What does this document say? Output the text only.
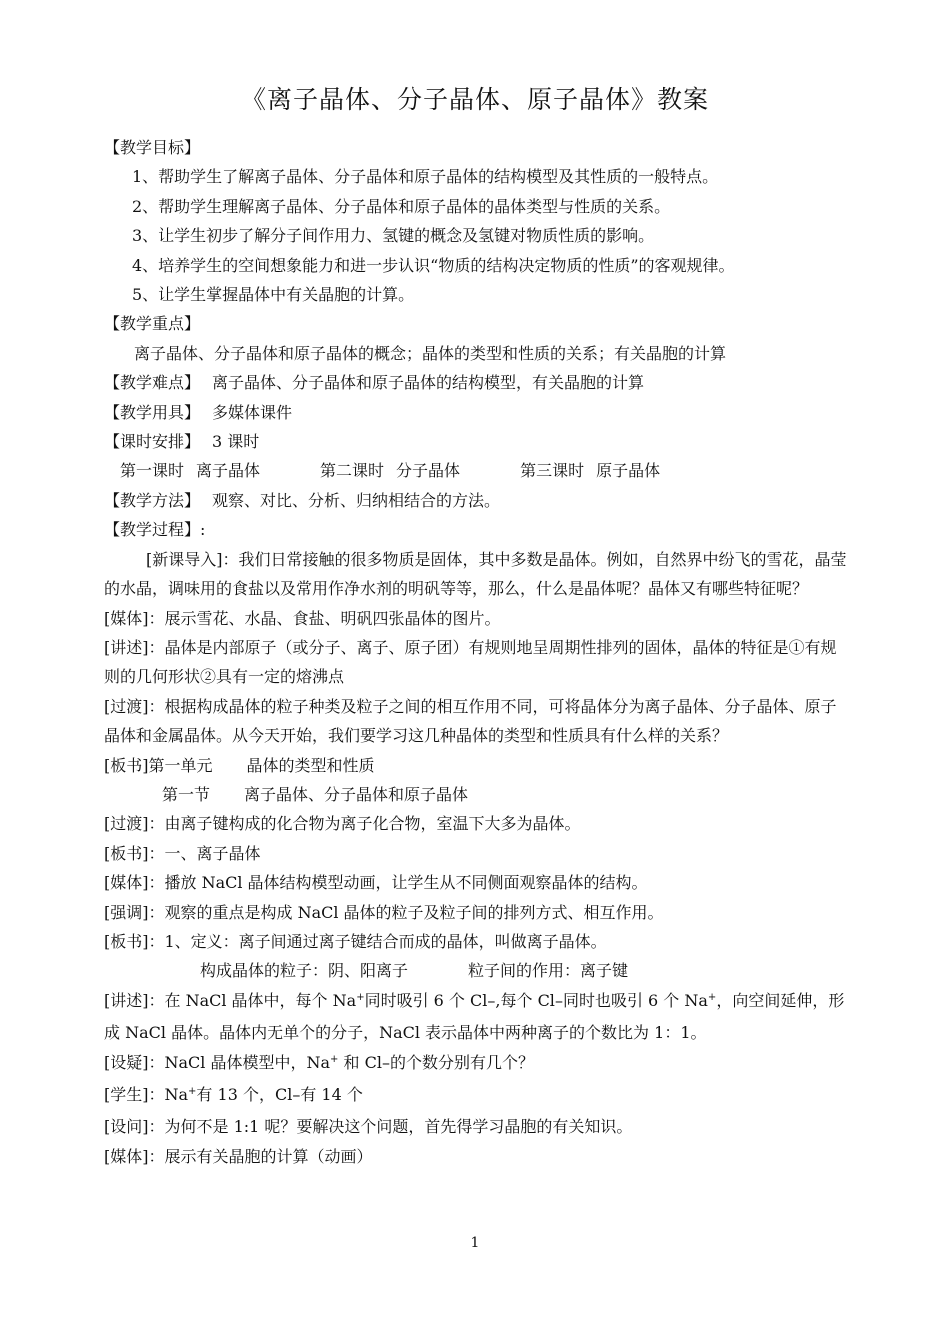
《离子晶体、分子晶体、原子晶体》教案

【教学目标】

1、帮助学生了解离子晶体、分子晶体和原子晶体的结构模型及其性质的一般特点。

2、帮助学生理解离子晶体、分子晶体和原子晶体的晶体类型与性质的关系。

3、让学生初步了解分子间作用力、氢键的概念及氢键对物质性质的影响。

4、培养学生的空间想象能力和进一步认识“物质的结构决定物质的性质”的客观规律。

5、让学生掌握晶体中有关晶胞的计算。

【教学重点】

离子晶体、分子晶体和原子晶体的概念；晶体的类型和性质的关系；有关晶胞的计算

【教学难点】 离子晶体、分子晶体和原子晶体的结构模型，有关晶胞的计算

【教学用具】 多媒体课件

【课时安排】 3 课时

第一课时 离子晶体	第二课时 分子晶体	第三课时 原子晶体

【教学方法】 观察、对比、分析、归纳相结合的方法。

【教学过程】:

[新课导入]：我们日常接触的很多物质是固体，其中多数是晶体。例如，自然界中纷飞的雪花，晶莹的水晶，调味用的食盐以及常用作净水剂的明矾等等，那么，什么是晶体呢？晶体又有哪些特征呢？

[媒体]：展示雪花、水晶、食盐、明矾四张晶体的图片。

[讲述]：晶体是内部原子（或分子、离子、原子团）有规则地呈周期性排列的固体，晶体的特征是①有规则的几何形状②具有一定的熔沸点

[过渡]：根据构成晶体的粒子种类及粒子之间的相互作用不同，可将晶体分为离子晶体、分子晶体、原子晶体和金属晶体。从今天开始，我们要学习这几种晶体的类型和性质具有什么样的关系？

[板书]第一单元 晶体的类型和性质

第一节 离子晶体、分子晶体和原子晶体

[过渡]：由离子键构成的化合物为离子化合物，室温下大多为晶体。

[板书]：一、离子晶体

[媒体]：播放 NaCl 晶体结构模型动画，让学生从不同侧面观察晶体的结构。

[强调]：观察的重点是构成 NaCl 晶体的粒子及粒子间的排列方式、相互作用。

[板书]：1、定义：离子间通过离子键结合而成的晶体，叫做离子晶体。

构成晶体的粒子：阴、阳离子	粒子间的作用：离子键

[讲述]：在 NaCl 晶体中，每个 Na+同时吸引 6 个 Cl–,每个 Cl–同时也吸引 6 个 Na+，向空间延伸，形成 NaCl 晶体。晶体内无单个的分子，NaCl 表示晶体中两种离子的个数比为 1：1。

[设疑]：NaCl 晶体模型中，Na+ 和 Cl–的个数分别有几个？

[学生]：Na+有 13 个，Cl–有 14 个

[设问]：为何不是 1:1 呢？要解决这个问题，首先得学习晶胞的有关知识。

[媒体]：展示有关晶胞的计算（动画）

1
